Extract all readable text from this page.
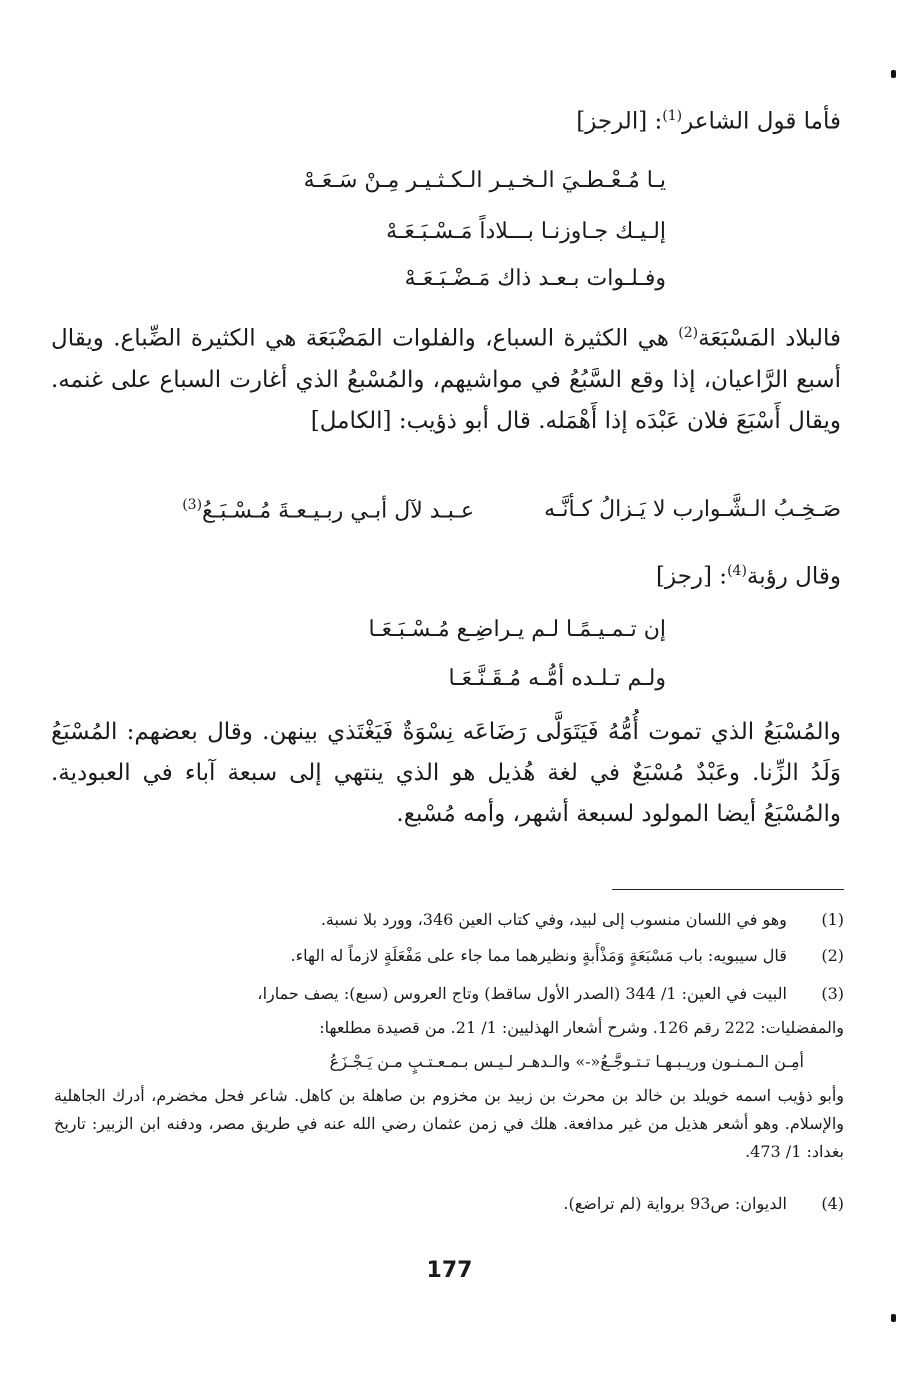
فأما قول الشاعر$^{(1)}$: [الرجز]
يـا مُـعْـطـيَ الـخـيـر الـكـثـيـر مِـنْ سَـعَـهْ
إلـيـك جـاوزنـا بـــلاداً مَـسْـبَـعَـهْ
وفـلـوات بـعـد ذاك مَـضْـبَـعَـهْ
فالبلاد المَسْبَعَة$^{(2)}$ هي الكثيرة السباع، والفلوات المَضْبَعَة هي الكثيرة الضِّباع. ويقال أسبع الرَّاعيان، إذا وقع السَّبُعُ في مواشيهم، والمُسْبعُ الذي أغارت السباع على غنمه. ويقال أَسْبَعَ فلان عَبْدَه إذا أَهْمَله. قال أبو ذؤيب: [الكامل]
صَـخِـبُ الـشَّـوارب لا يَـزالُ كـأنَّـه
عـبـد لآل أبـي ربـيـعـةَ مُـسْـبَـعُ$^{(3)}$
وقال رؤبة$^{(4)}$: [رجز]
إن تـمـيـمًـا لـم يـراضِـع مُـسْـبَـعَـا
ولـم تـلـده أمُّـه مُـقَـنَّـعَـا
والمُسْبَعُ الذي تموت أُمُّهُ فَيَتَوَلَّى رَضَاعَه نِسْوَةٌ فَيَغْتَذي بينهن. وقال بعضهم: المُسْبَعُ وَلَدُ الزِّنا. وعَبْدٌ مُسْبَعٌ في لغة هُذيل هو الذي ينتهي إلى سبعة آباء في العبودية. والمُسْبَعُ أيضا المولود لسبعة أشهر، وأمه مُسْبع.
(1) وهو في اللسان منسوب إلى لبيد، وفي كتاب العين 346، وورد بلا نسبة.
(2) قال سيبويه: باب مَسْبَعَةٍ وَمَذْأَبةٍ ونظيرهما مما جاء على مَفْعَلَةٍ لازماً له الهاء.
(3) البيت في العين: 1/ 344 (الصدر الأول ساقط) وتاج العروس (سبع): يصف حمارا،
والمفضليات: 222 رقم 126. وشرح أشعار الهذليين: 1/ 21. من قصيدة مطلعها:
أمِـن الـمـنـون وريـبـهـا تـتـوجَّـعُ«-» والـدهـر لـيـس بـمـعـتـبٍ مـن يَـجْـزَعُ
وأبو ذؤيب اسمه خويلد بن خالد بن محرث بن زبيد بن مخزوم بن صاهلة بن كاهل. شاعر فحل مخضرم، أدرك الجاهلية والإسلام. وهو أشعر هذيل من غير مدافعة. هلك في زمن عثمان رضي الله عنه في طريق مصر، ودفنه ابن الزبير: تاريخ بغداد: 1/ 473.
(4) الديوان: ص93 برواية (لم تراضع).
177
